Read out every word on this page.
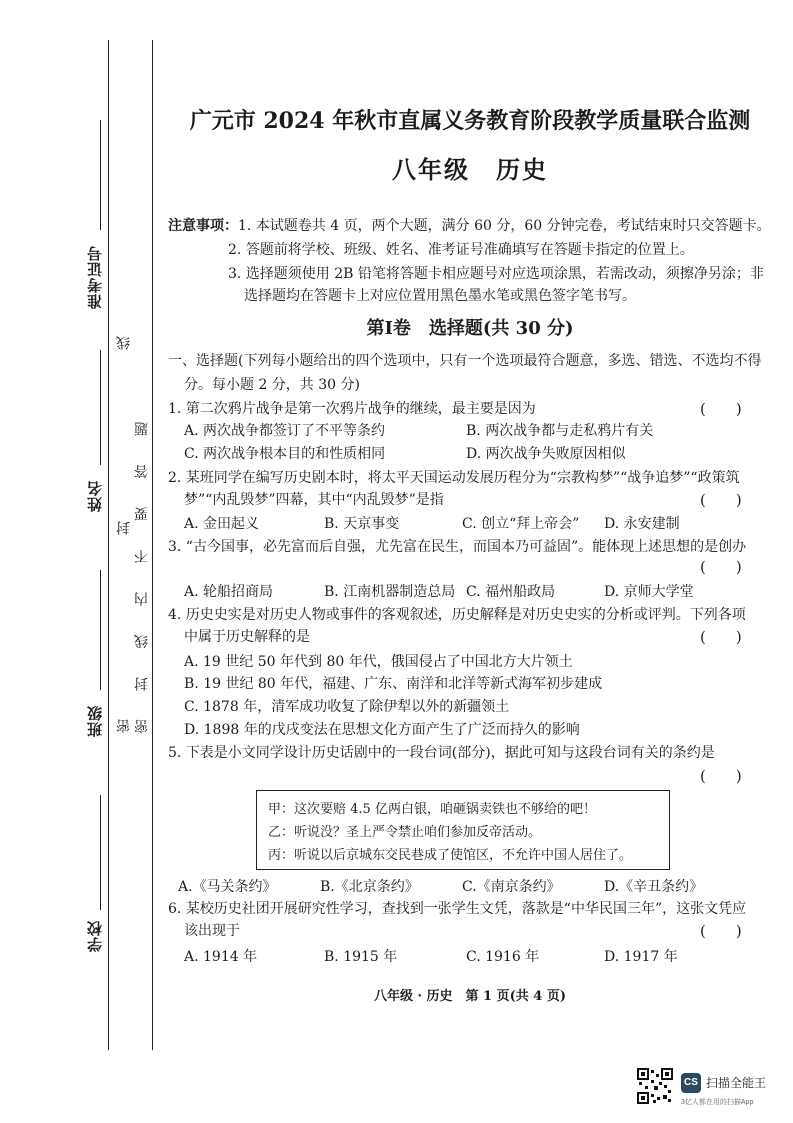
准考证号
姓名
班级
学校
线
封
密 密 封 线 内 不 要 答 题
广元市 2024 年秋市直属义务教育阶段教学质量联合监测
八年级　历史
注意事项：1. 本试题卷共 4 页，两个大题，满分 60 分，60 分钟完卷，考试结束时只交答题卡。
2. 答题前将学校、班级、姓名、准考证号准确填写在答题卡指定的位置上。
3. 选择题须使用 2B 铅笔将答题卡相应题号对应选项涂黑，若需改动，须擦净另涂；非
选择题均在答题卡上对应位置用黑色墨水笔或黑色签字笔书写。
第Ⅰ卷　选择题(共 30 分)
一、选择题(下列每小题给出的四个选项中，只有一个选项最符合题意，多选、错选、不选均不得
分。每小题 2 分，共 30 分)
1. 第二次鸦片战争是第一次鸦片战争的继续，最主要是因为	(　　)
A. 两次战争都签订了不平等条约	B. 两次战争都与走私鸦片有关
C. 两次战争根本目的和性质相同	D. 两次战争失败原因相似
2. 某班同学在编写历史剧本时，将太平天国运动发展历程分为“宗教构梦”“战争追梦”“政策筑
梦”“内乱毁梦”四幕，其中“内乱毁梦”是指	(　　)
A. 金田起义	B. 天京事变	C. 创立“拜上帝会” D. 永安建制
3. “古今国事，必先富而后自强，尤先富在民生，而国本乃可益固”。能体现上述思想的是创办
(　　)
A. 轮船招商局	B. 江南机器制造总局 C. 福州船政局	D. 京师大学堂
4. 历史史实是对历史人物或事件的客观叙述，历史解释是对历史史实的分析或评判。下列各项
中属于历史解释的是	(　　)
A. 19 世纪 50 年代到 80 年代，俄国侵占了中国北方大片领土
B. 19 世纪 80 年代，福建、广东、南洋和北洋等新式海军初步建成
C. 1878 年，清军成功收复了除伊犁以外的新疆领土
D. 1898 年的戊戌变法在思想文化方面产生了广泛而持久的影响
5. 下表是小文同学设计历史话剧中的一段台词(部分)，据此可知与这段台词有关的条约是
(　　)
甲：这次要赔 4.5 亿两白银，咱砸锅卖铁也不够给的吧！
乙：听说没？圣上严令禁止咱们参加反帝活动。
丙：听说以后京城东交民巷成了使馆区，不允许中国人居住了。
A.《马关条约》	B.《北京条约》	C.《南京条约》	D.《辛丑条约》
6. 某校历史社团开展研究性学习，查找到一张学生文凭，落款是“中华民国三年”，这张文凭应
该出现于	(　　)
A. 1914 年	B. 1915 年	C. 1916 年	D. 1917 年
八年级 · 历史　第 1 页(共 4 页)
CS 扫描全能王
3亿人都在用的扫描App
